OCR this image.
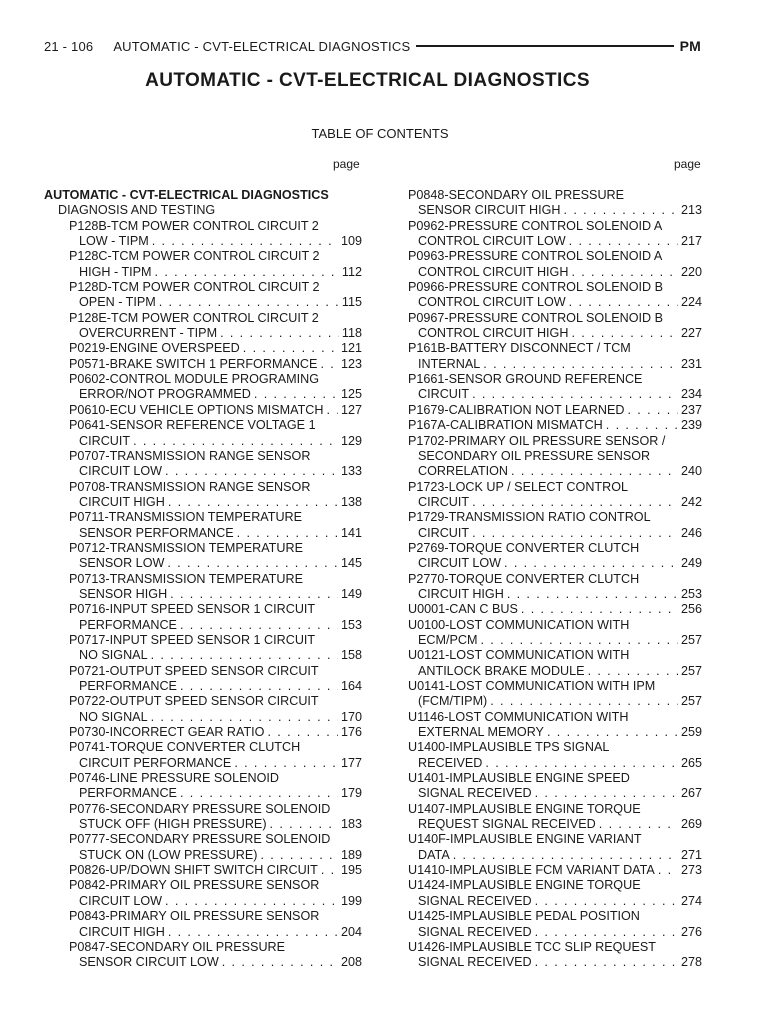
21 - 106 AUTOMATIC - CVT-ELECTRICAL DIAGNOSTICS	PM
AUTOMATIC - CVT-ELECTRICAL DIAGNOSTICS
TABLE OF CONTENTS
page	page
AUTOMATIC - CVT-ELECTRICAL DIAGNOSTICS
DIAGNOSIS AND TESTING
P128B-TCM POWER CONTROL CIRCUIT 2
LOW - TIPM . . .	109
P128C-TCM POWER CONTROL CIRCUIT 2
HIGH - TIPM . . .	112
P128D-TCM POWER CONTROL CIRCUIT 2
OPEN - TIPM . . .	115
P128E-TCM POWER CONTROL CIRCUIT 2
OVERCURRENT - TIPM . . .	118
P0219-ENGINE OVERSPEED . . .	121
P0571-BRAKE SWITCH 1 PERFORMANCE . . . 123
P0602-CONTROL MODULE PROGRAMING
ERROR/NOT PROGRAMMED . . .	125
P0610-ECU VEHICLE OPTIONS MISMATCH . . . 127
P0641-SENSOR REFERENCE VOLTAGE 1
CIRCUIT . . .	129
P0707-TRANSMISSION RANGE SENSOR
CIRCUIT LOW . . .	133
P0708-TRANSMISSION RANGE SENSOR
CIRCUIT HIGH . . .	138
P0711-TRANSMISSION TEMPERATURE
SENSOR PERFORMANCE . . .	141
P0712-TRANSMISSION TEMPERATURE
SENSOR LOW . . .	145
P0713-TRANSMISSION TEMPERATURE
SENSOR HIGH . . .	149
P0716-INPUT SPEED SENSOR 1 CIRCUIT
PERFORMANCE . . .	153
P0717-INPUT SPEED SENSOR 1 CIRCUIT
NO SIGNAL . . .	158
P0721-OUTPUT SPEED SENSOR CIRCUIT
PERFORMANCE . . .	164
P0722-OUTPUT SPEED SENSOR CIRCUIT
NO SIGNAL . . .	170
P0730-INCORRECT GEAR RATIO . . .	176
P0741-TORQUE CONVERTER CLUTCH
CIRCUIT PERFORMANCE . . .	177
P0746-LINE PRESSURE SOLENOID
PERFORMANCE . . .	179
P0776-SECONDARY PRESSURE SOLENOID
STUCK OFF (HIGH PRESSURE) . . .	183
P0777-SECONDARY PRESSURE SOLENOID
STUCK ON (LOW PRESSURE) . . .	189
P0826-UP/DOWN SHIFT SWITCH CIRCUIT . . . 195
P0842-PRIMARY OIL PRESSURE SENSOR
CIRCUIT LOW . . .	199
P0843-PRIMARY OIL PRESSURE SENSOR
CIRCUIT HIGH . . .	204
P0847-SECONDARY OIL PRESSURE
SENSOR CIRCUIT LOW . . .	208
P0848-SECONDARY OIL PRESSURE
SENSOR CIRCUIT HIGH . . .	213
P0962-PRESSURE CONTROL SOLENOID A
CONTROL CIRCUIT LOW . . .	217
P0963-PRESSURE CONTROL SOLENOID A
CONTROL CIRCUIT HIGH . . .	220
P0966-PRESSURE CONTROL SOLENOID B
CONTROL CIRCUIT LOW . . .	224
P0967-PRESSURE CONTROL SOLENOID B
CONTROL CIRCUIT HIGH . . .	227
P161B-BATTERY DISCONNECT / TCM
INTERNAL . . .	231
P1661-SENSOR GROUND REFERENCE
CIRCUIT . . .	234
P1679-CALIBRATION NOT LEARNED . . .	237
P167A-CALIBRATION MISMATCH . . .	239
P1702-PRIMARY OIL PRESSURE SENSOR /
SECONDARY OIL PRESSURE SENSOR
CORRELATION . . .	240
P1723-LOCK UP / SELECT CONTROL
CIRCUIT . . .	242
P1729-TRANSMISSION RATIO CONTROL
CIRCUIT . . .	246
P2769-TORQUE CONVERTER CLUTCH
CIRCUIT LOW . . .	249
P2770-TORQUE CONVERTER CLUTCH
CIRCUIT HIGH . . .	253
U0001-CAN C BUS . . .	256
U0100-LOST COMMUNICATION WITH
ECM/PCM . . .	257
U0121-LOST COMMUNICATION WITH
ANTILOCK BRAKE MODULE . . .	257
U0141-LOST COMMUNICATION WITH IPM
(FCM/TIPM) . . .	257
U1146-LOST COMMUNICATION WITH
EXTERNAL MEMORY . . .	259
U1400-IMPLAUSIBLE TPS SIGNAL
RECEIVED . . .	265
U1401-IMPLAUSIBLE ENGINE SPEED
SIGNAL RECEIVED . . .	267
U1407-IMPLAUSIBLE ENGINE TORQUE
REQUEST SIGNAL RECEIVED . . .	269
U140F-IMPLAUSIBLE ENGINE VARIANT
DATA . . .	271
U1410-IMPLAUSIBLE FCM VARIANT DATA . . . 273
U1424-IMPLAUSIBLE ENGINE TORQUE
SIGNAL RECEIVED . . .	274
U1425-IMPLAUSIBLE PEDAL POSITION
SIGNAL RECEIVED . . .	276
U1426-IMPLAUSIBLE TCC SLIP REQUEST
SIGNAL RECEIVED . . .	278
